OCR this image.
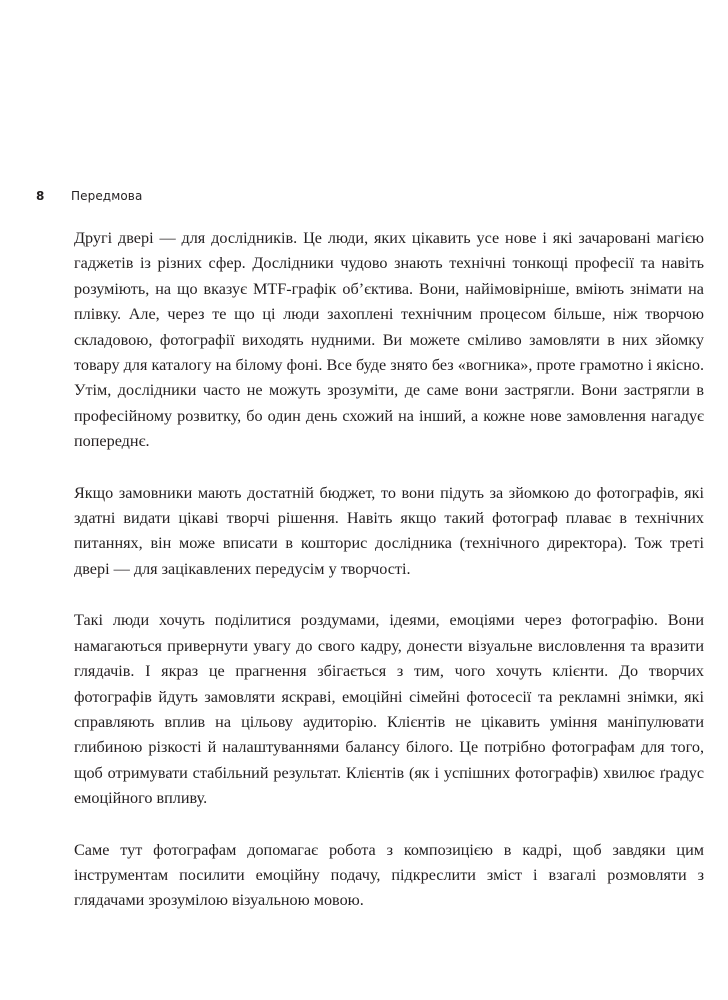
8	Передмова

Другі двері — для дослідників. Це люди, яких цікавить усе нове і які зачаровані магією гаджетів із різних сфер. Дослідники чудово знають технічні тонкощі професії та навіть розуміють, на що вказує MTF-графік об’єктива. Вони, найімовірніше, вміють знімати на плівку. Але, через те що ці люди захоплені технічним процесом більше, ніж творчою складовою, фотографії виходять нудними. Ви можете сміливо замовляти в них зйомку товару для каталогу на білому фоні. Все буде знято без «вогника», проте грамотно і якісно. Утім, дослідники часто не можуть зрозуміти, де саме вони застрягли. Вони застрягли в професійному розвитку, бо один день схожий на інший, а кожне нове замовлення нагадує попереднє.

Якщо замовники мають достатній бюджет, то вони підуть за зйомкою до фотографів, які здатні видати цікаві творчі рішення. Навіть якщо такий фотограф плаває в технічних питаннях, він може вписати в кошторис дослідника (технічного директора). Тож треті двері — для зацікавлених передусім у творчості.

Такі люди хочуть поділитися роздумами, ідеями, емоціями через фотографію. Вони намагаються привернути увагу до свого кадру, донести візуальне висловлення та вразити глядачів. І якраз це прагнення збігається з тим, чого хочуть клієнти. До творчих фотографів йдуть замовляти яскраві, емоційні сімейні фотосесії та рекламні знімки, які справляють вплив на цільову аудиторію. Клієнтів не цікавить уміння маніпулювати глибиною різкості й налаштуваннями балансу білого. Це потрібно фотографам для того, щоб отримувати стабільний результат. Клієнтів (як і успішних фотографів) хвилює ґрадус емоційного впливу.

Саме тут фотографам допомагає робота з композицією в кадрі, щоб завдяки цим інструментам посилити емоційну подачу, підкреслити зміст і взагалі розмовляти з глядачами зрозумілою візуальною мовою.
